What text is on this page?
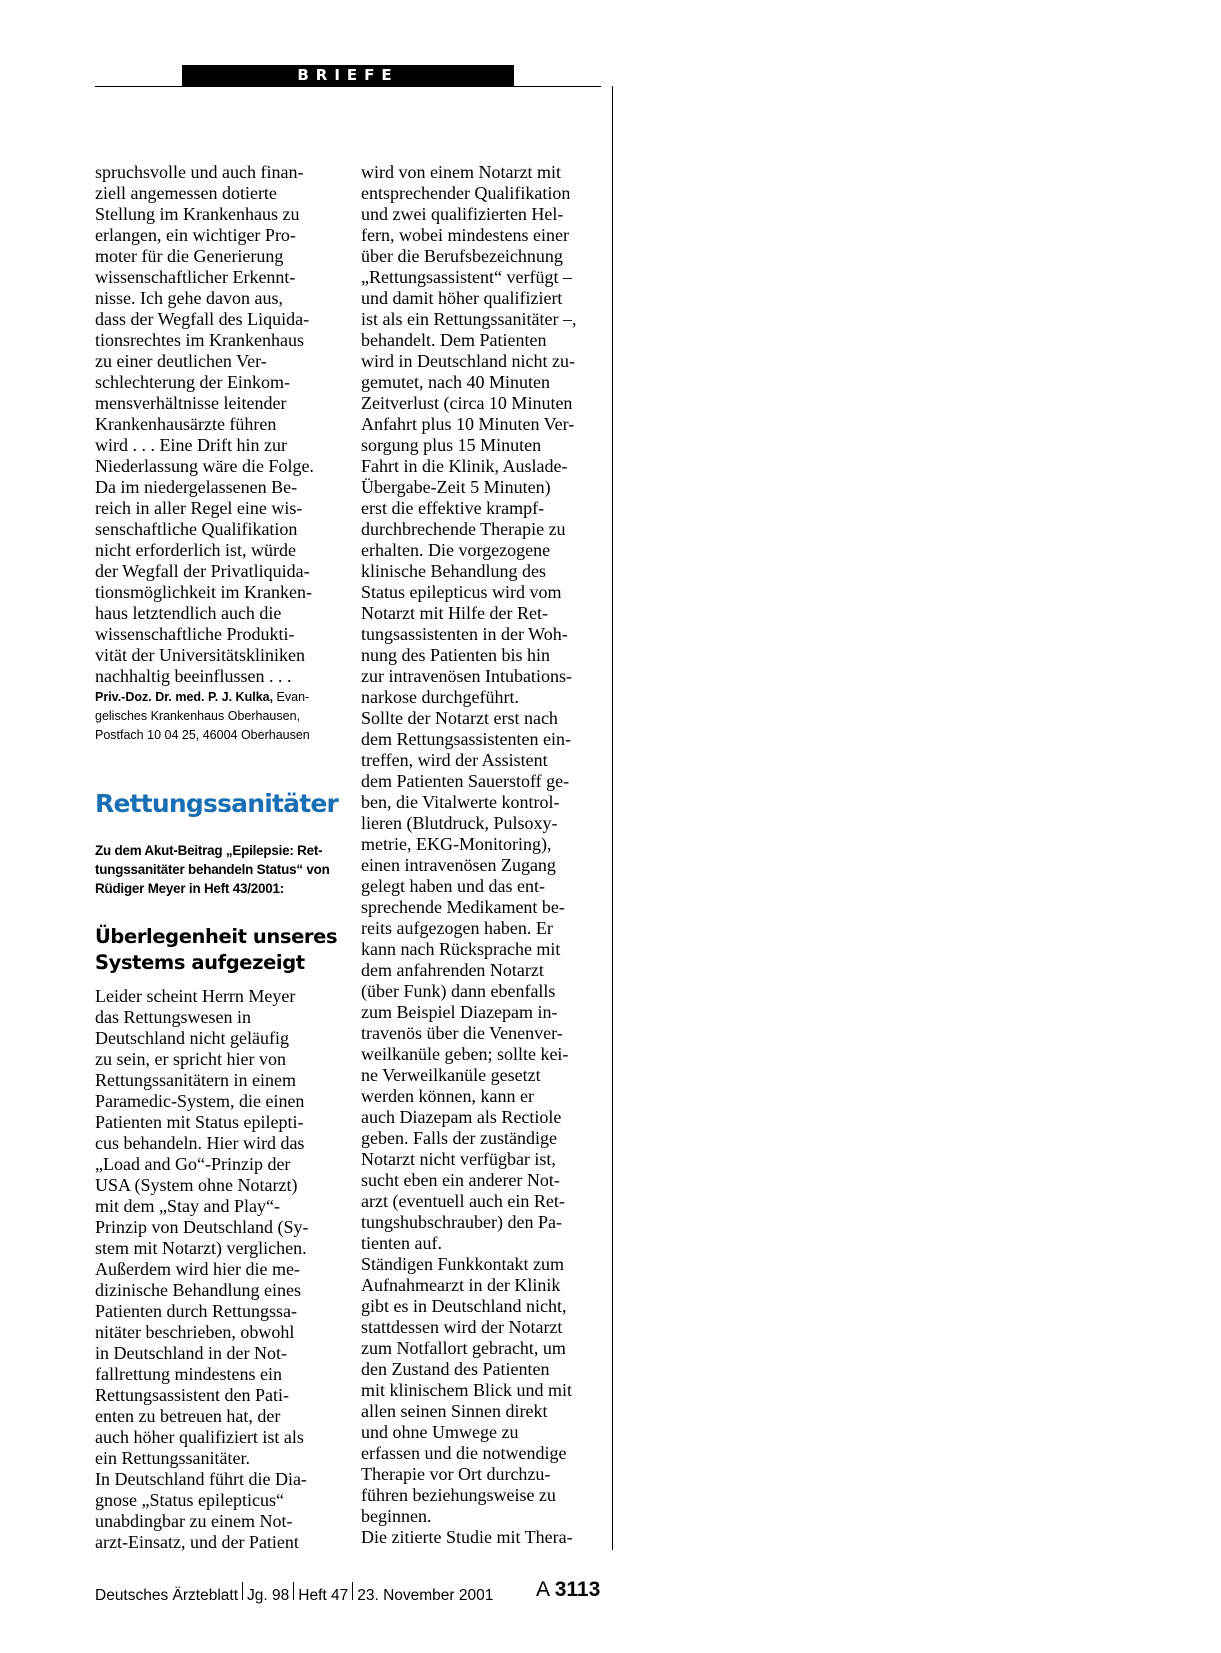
BRIEFE

spruchsvolle und auch finan-
ziell angemessen dotierte
Stellung im Krankenhaus zu
erlangen, ein wichtiger Pro-
moter für die Generierung
wissenschaftlicher Erkennt-
nisse. Ich gehe davon aus,
dass der Wegfall des Liquida-
tionsrechtes im Krankenhaus
zu einer deutlichen Ver-
schlechterung der Einkom-
mensverhältnisse leitender
Krankenhausärzte führen
wird . . . Eine Drift hin zur
Niederlassung wäre die Folge.
Da im niedergelassenen Be-
reich in aller Regel eine wis-
senschaftliche Qualifikation
nicht erforderlich ist, würde
der Wegfall der Privatliquida-
tionsmöglichkeit im Kranken-
haus letztendlich auch die
wissenschaftliche Produkti-
vität der Universitätskliniken
nachhaltig beeinflussen . . .

Priv.-Doz. Dr. med. P. J. Kulka, Evan-
gelisches Krankenhaus Oberhausen,
Postfach 10 04 25, 46004 Oberhausen

Rettungssanitäter

Zu dem Akut-Beitrag „Epilepsie: Ret-
tungssanitäter behandeln Status“ von
Rüdiger Meyer in Heft 43/2001:

Überlegenheit unseres
Systems aufgezeigt

Leider scheint Herrn Meyer
das Rettungswesen in
Deutschland nicht geläufig
zu sein, er spricht hier von
Rettungssanitätern in einem
Paramedic-System, die einen
Patienten mit Status epilepti-
cus behandeln. Hier wird das
„Load and Go“-Prinzip der
USA (System ohne Notarzt)
mit dem „Stay and Play“-
Prinzip von Deutschland (Sy-
stem mit Notarzt) verglichen.
Außerdem wird hier die me-
dizinische Behandlung eines
Patienten durch Rettungssa-
nitäter beschrieben, obwohl
in Deutschland in der Not-
fallrettung mindestens ein
Rettungsassistent den Pati-
enten zu betreuen hat, der
auch höher qualifiziert ist als
ein Rettungssanitäter.
In Deutschland führt die Dia-
gnose „Status epilepticus“
unabdingbar zu einem Not-
arzt-Einsatz, und der Patient

wird von einem Notarzt mit
entsprechender Qualifikation
und zwei qualifizierten Hel-
fern, wobei mindestens einer
über die Berufsbezeichnung
„Rettungsassistent“ verfügt –
und damit höher qualifiziert
ist als ein Rettungssanitäter –,
behandelt. Dem Patienten
wird in Deutschland nicht zu-
gemutet, nach 40 Minuten
Zeitverlust (circa 10 Minuten
Anfahrt plus 10 Minuten Ver-
sorgung plus 15 Minuten
Fahrt in die Klinik, Auslade-
Übergabe-Zeit 5 Minuten)
erst die effektive krampf-
durchbrechende Therapie zu
erhalten. Die vorgezogene
klinische Behandlung des
Status epilepticus wird vom
Notarzt mit Hilfe der Ret-
tungsassistenten in der Woh-
nung des Patienten bis hin
zur intravenösen Intubations-
narkose durchgeführt.

Sollte der Notarzt erst nach
dem Rettungsassistenten ein-
treffen, wird der Assistent
dem Patienten Sauerstoff ge-
ben, die Vitalwerte kontrol-
lieren (Blutdruck, Pulsoxy-
metrie, EKG-Monitoring),
einen intravenösen Zugang
gelegt haben und das ent-
sprechende Medikament be-
reits aufgezogen haben. Er
kann nach Rücksprache mit
dem anfahrenden Notarzt
(über Funk) dann ebenfalls
zum Beispiel Diazepam in-
travenös über die Venenver-
weilkanüle geben; sollte kei-
ne Verweilkanüle gesetzt
werden können, kann er
auch Diazepam als Rectiole
geben. Falls der zuständige
Notarzt nicht verfügbar ist,
sucht eben ein anderer Not-
arzt (eventuell auch ein Ret-
tungshubschrauber) den Pa-
tienten auf.

Ständigen Funkkontakt zum
Aufnahmearzt in der Klinik
gibt es in Deutschland nicht,
stattdessen wird der Notarzt
zum Notfallort gebracht, um
den Zustand des Patienten
mit klinischem Blick und mit
allen seinen Sinnen direkt
und ohne Umwege zu
erfassen und die notwendige
Therapie vor Ort durchzu-
führen beziehungsweise zu
beginnen.

Die zitierte Studie mit Thera-

Deutsches Ärzteblatt Jg. 98 Heft 47 23. November 2001 A 3113
